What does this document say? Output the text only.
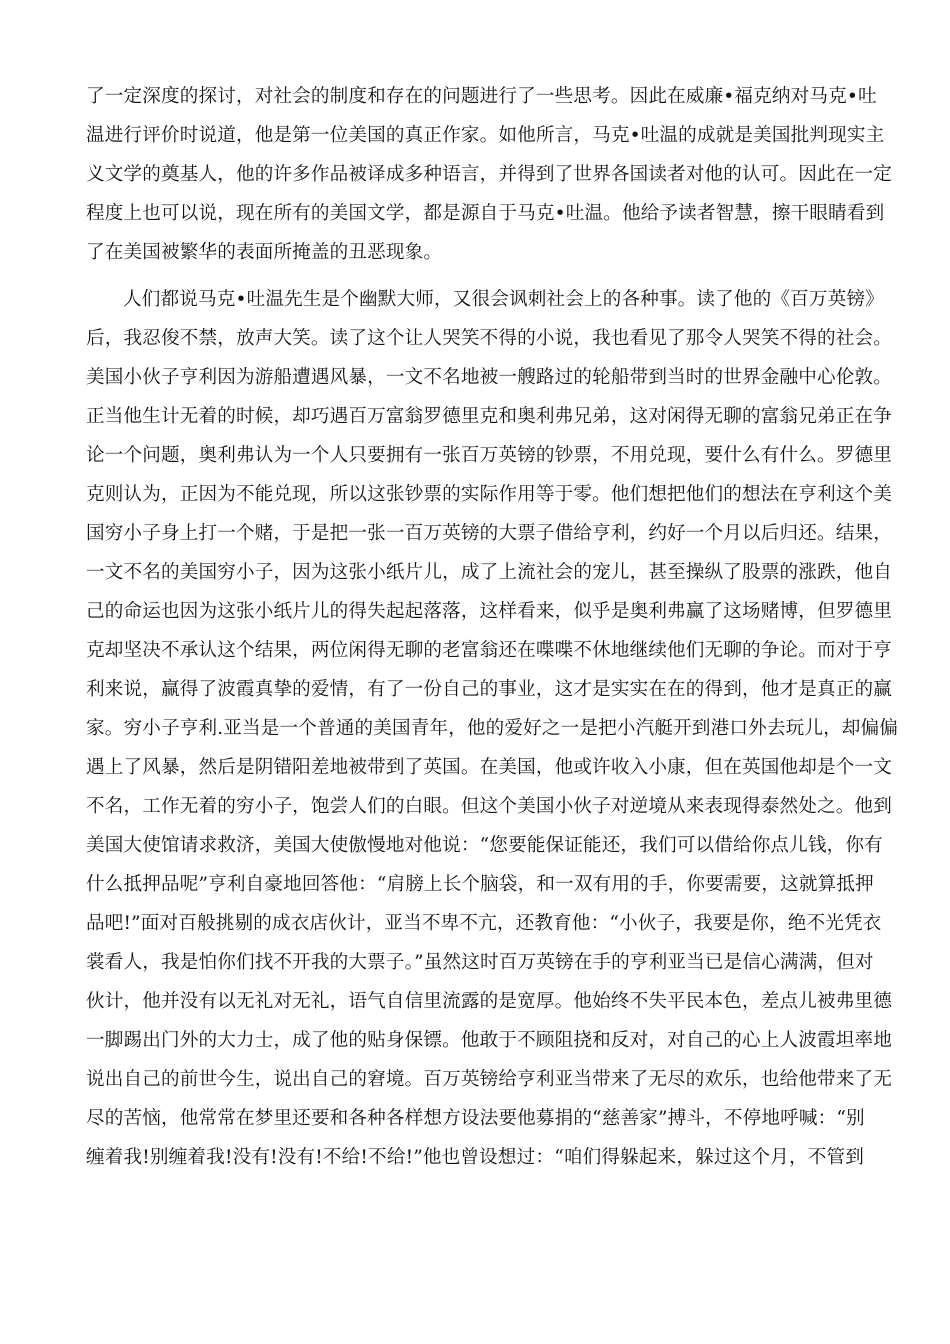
了一定深度的探讨，对社会的制度和存在的问题进行了一些思考。因此在威廉•福克纳对马克•吐
温进行评价时说道，他是第一位美国的真正作家。如他所言，马克•吐温的成就是美国批判现实主
义文学的奠基人，他的许多作品被译成多种语言，并得到了世界各国读者对他的认可。因此在一定
程度上也可以说，现在所有的美国文学，都是源自于马克•吐温。他给予读者智慧，擦干眼睛看到
了在美国被繁华的表面所掩盖的丑恶现象。
人们都说马克•吐温先生是个幽默大师，又很会讽刺社会上的各种事。读了他的《百万英镑》
后，我忍俊不禁，放声大笑。读了这个让人哭笑不得的小说，我也看见了那令人哭笑不得的社会。
美国小伙子亨利因为游船遭遇风暴，一文不名地被一艘路过的轮船带到当时的世界金融中心伦敦。
正当他生计无着的时候，却巧遇百万富翁罗德里克和奥利弗兄弟，这对闲得无聊的富翁兄弟正在争
论一个问题，奥利弗认为一个人只要拥有一张百万英镑的钞票，不用兑现，要什么有什么。罗德里
克则认为，正因为不能兑现，所以这张钞票的实际作用等于零。他们想把他们的想法在亨利这个美
国穷小子身上打一个赌，于是把一张一百万英镑的大票子借给亨利，约好一个月以后归还。结果，
一文不名的美国穷小子，因为这张小纸片儿，成了上流社会的宠儿，甚至操纵了股票的涨跌，他自
己的命运也因为这张小纸片儿的得失起起落落，这样看来，似乎是奥利弗赢了这场赌博，但罗德里
克却坚决不承认这个结果，两位闲得无聊的老富翁还在喋喋不休地继续他们无聊的争论。而对于亨
利来说，赢得了波霞真挚的爱情，有了一份自己的事业，这才是实实在在的得到，他才是真正的赢
家。穷小子亨利.亚当是一个普通的美国青年，他的爱好之一是把小汽艇开到港口外去玩儿，却偏偏
遇上了风暴，然后是阴错阳差地被带到了英国。在美国，他或许收入小康，但在英国他却是个一文
不名，工作无着的穷小子，饱尝人们的白眼。但这个美国小伙子对逆境从来表现得泰然处之。他到
美国大使馆请求救济，美国大使傲慢地对他说：“您要能保证能还，我们可以借给你点儿钱，你有
什么抵押品呢”亨利自豪地回答他：“肩膀上长个脑袋，和一双有用的手，你要需要，这就算抵押
品吧!”面对百般挑剔的成衣店伙计，亚当不卑不亢，还教育他：“小伙子，我要是你，绝不光凭衣
裳看人，我是怕你们找不开我的大票子。”虽然这时百万英镑在手的亨利亚当已是信心满满，但对
伙计，他并没有以无礼对无礼，语气自信里流露的是宽厚。他始终不失平民本色，差点儿被弗里德
一脚踢出门外的大力士，成了他的贴身保镖。他敢于不顾阻挠和反对，对自己的心上人波霞坦率地
说出自己的前世今生，说出自己的窘境。百万英镑给亨利亚当带来了无尽的欢乐，也给他带来了无
尽的苦恼，他常常在梦里还要和各种各样想方设法要他募捐的“慈善家”搏斗，不停地呼喊：“别
缠着我!别缠着我!没有!没有!不给!不给!”他也曾设想过：“咱们得躲起来，躲过这个月，不管到
